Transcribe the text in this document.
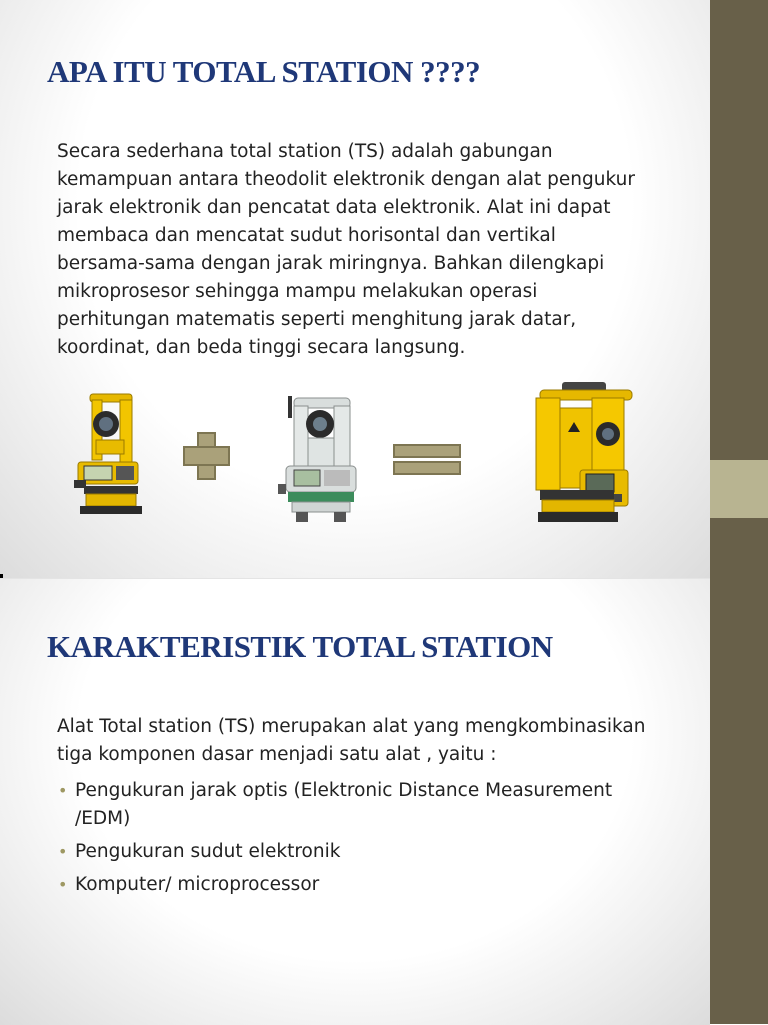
APA ITU TOTAL STATION ????

Secara sederhana total station (TS) adalah gabungan
kemampuan antara theodolit elektronik dengan alat pengukur
jarak elektronik dan pencatat data elektronik. Alat ini dapat
membaca dan mencatat sudut horisontal dan vertikal
bersama-sama dengan jarak miringnya. Bahkan dilengkapi
mikroprosesor sehingga mampu melakukan operasi
perhitungan matematis seperti menghitung jarak datar,
koordinat, dan beda tinggi secara langsung.

KARAKTERISTIK TOTAL STATION

Alat Total station (TS) merupakan alat yang mengkombinasikan
tiga komponen dasar menjadi satu alat , yaitu :

• Pengukuran jarak optis (Elektronic Distance Measurement
/EDM)
• Pengukuran sudut elektronik
• Komputer/ microprocessor
